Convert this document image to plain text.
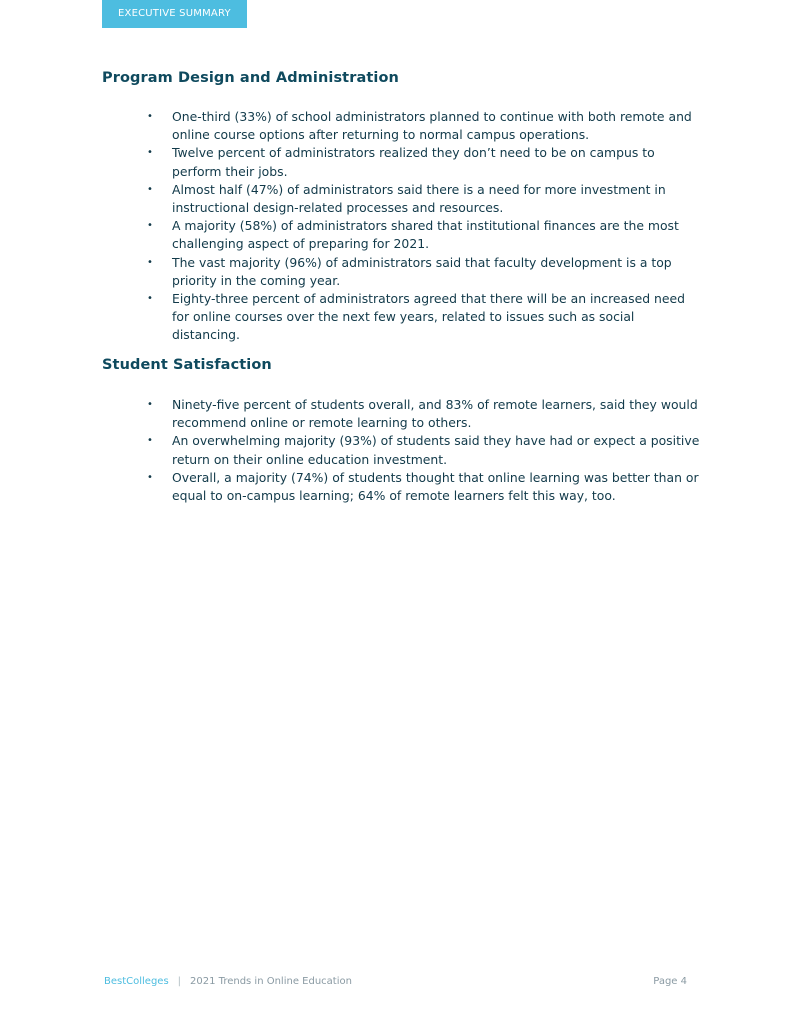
EXECUTIVE SUMMARY
Program Design and Administration
• One-third (33%) of school administrators planned to continue with both remote and online course options after returning to normal campus operations.
• Twelve percent of administrators realized they don’t need to be on campus to perform their jobs.
• Almost half (47%) of administrators said there is a need for more investment in instructional design-related processes and resources.
• A majority (58%) of administrators shared that institutional finances are the most challenging aspect of preparing for 2021.
• The vast majority (96%) of administrators said that faculty development is a top priority in the coming year.
• Eighty-three percent of administrators agreed that there will be an increased need for online courses over the next few years, related to issues such as social distancing.
Student Satisfaction
• Ninety-five percent of students overall, and 83% of remote learners, said they would recommend online or remote learning to others.
• An overwhelming majority (93%) of students said they have had or expect a positive return on their online education investment.
• Overall, a majority (74%) of students thought that online learning was better than or equal to on-campus learning; 64% of remote learners felt this way, too.
BestColleges | 2021 Trends in Online Education	Page 4
